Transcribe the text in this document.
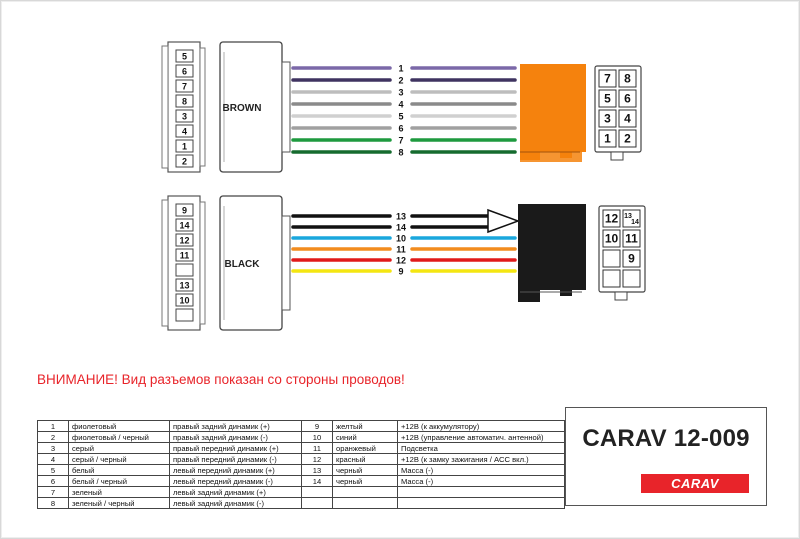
5
6
7
8
3
4
1
2
BROWN
9
14
12
11
13
10
BLACK
1
2
3
4
5
6
7
8
13
14
10
11
12
9
7 8
5 6
3 4
1 2
12 13
14
10 11
9
ВНИМАНИЕ! Вид разъемов показан со стороны проводов!
1	фиолетовый	правый задний динамик (+)	9	желтый	+12В (к аккумулятору)
2	фиолетовый / черный	правый задний динамик (-)	10	синий	+12В (управление автоматич. антенной)
3	серый	правый передний динамик (+)	11	оранжевый	Подсветка
4	серый / черный	правый передний динамик (-)	12	красный	+12В (к замку зажигания / ACC вкл.)
5	белый	левый передний динамик (+)	13	черный	Масса (-)
6	белый / черный	левый передний динамик (-)	14	черный	Масса (-)
7	зеленый	левый задний динамик (+)			
8	зеленый / черный	левый задний динамик (-)			
CARAV 12-009
CARAV
